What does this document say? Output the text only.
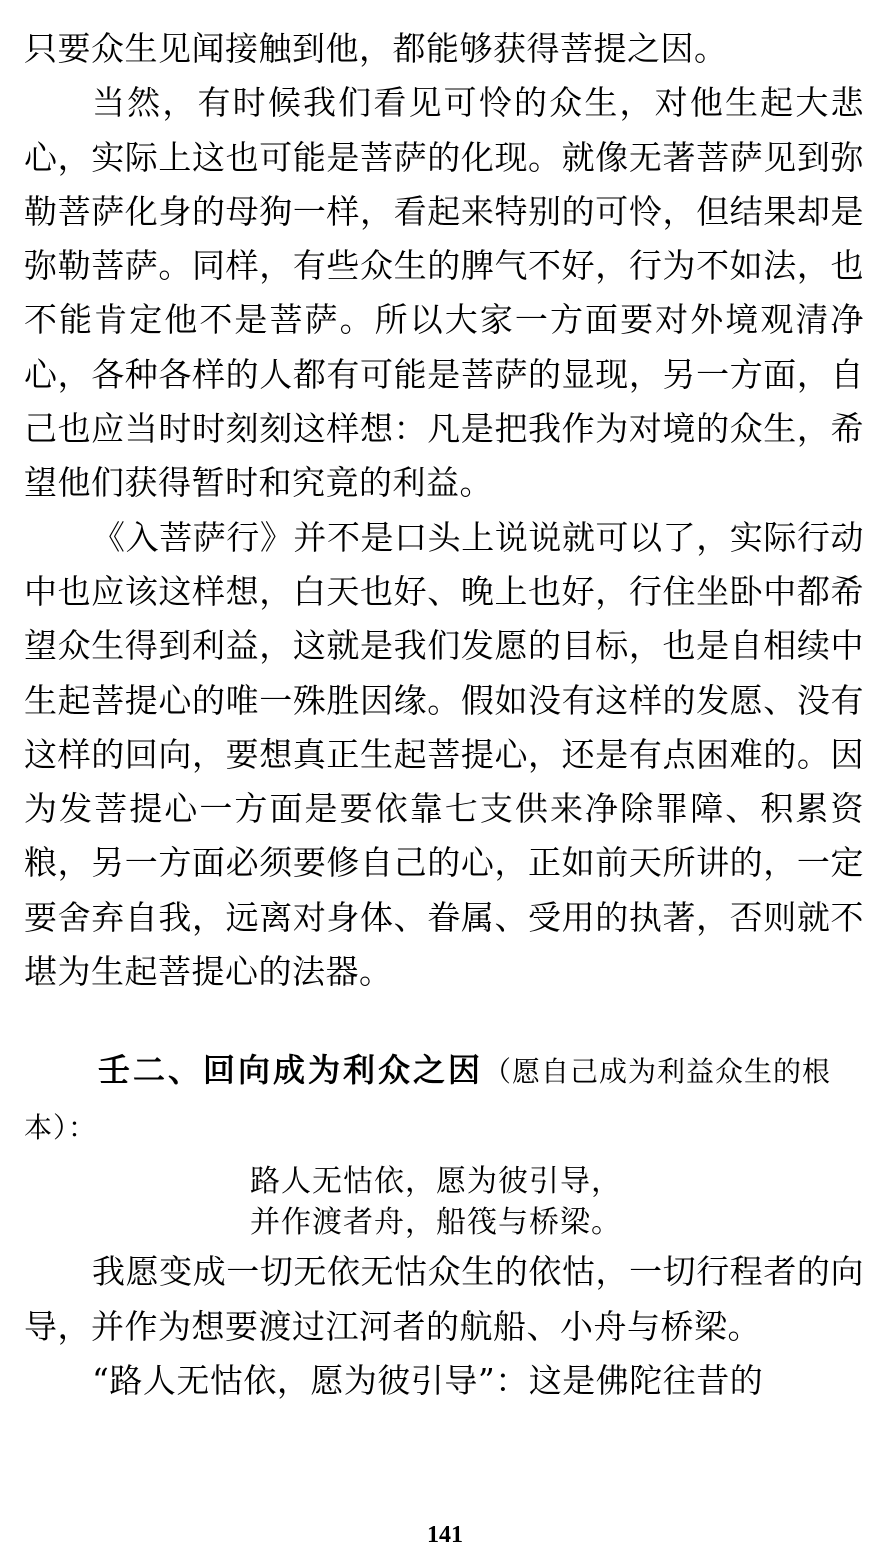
只要众生见闻接触到他，都能够获得菩提之因。

当然，有时候我们看见可怜的众生，对他生起大悲心，实际上这也可能是菩萨的化现。就像无著菩萨见到弥勒菩萨化身的母狗一样，看起来特别的可怜，但结果却是弥勒菩萨。同样，有些众生的脾气不好，行为不如法，也不能肯定他不是菩萨。所以大家一方面要对外境观清净心，各种各样的人都有可能是菩萨的显现，另一方面，自己也应当时时刻刻这样想：凡是把我作为对境的众生，希望他们获得暂时和究竟的利益。

《入菩萨行》并不是口头上说说就可以了，实际行动中也应该这样想，白天也好、晚上也好，行住坐卧中都希望众生得到利益，这就是我们发愿的目标，也是自相续中生起菩提心的唯一殊胜因缘。假如没有这样的发愿、没有这样的回向，要想真正生起菩提心，还是有点困难的。因为发菩提心一方面是要依靠七支供来净除罪障、积累资粮，另一方面必须要修自己的心，正如前天所讲的，一定要舍弃自我，远离对身体、眷属、受用的执著，否则就不堪为生起菩提心的法器。

壬二、回向成为利众之因（愿自己成为利益众生的根本）：

路人无怙依，愿为彼引导，
并作渡者舟，船筏与桥梁。

我愿变成一切无依无怙众生的依怙，一切行程者的向导，并作为想要渡过江河者的航船、小舟与桥梁。

“路人无怙依，愿为彼引导”：这是佛陀往昔的

141
